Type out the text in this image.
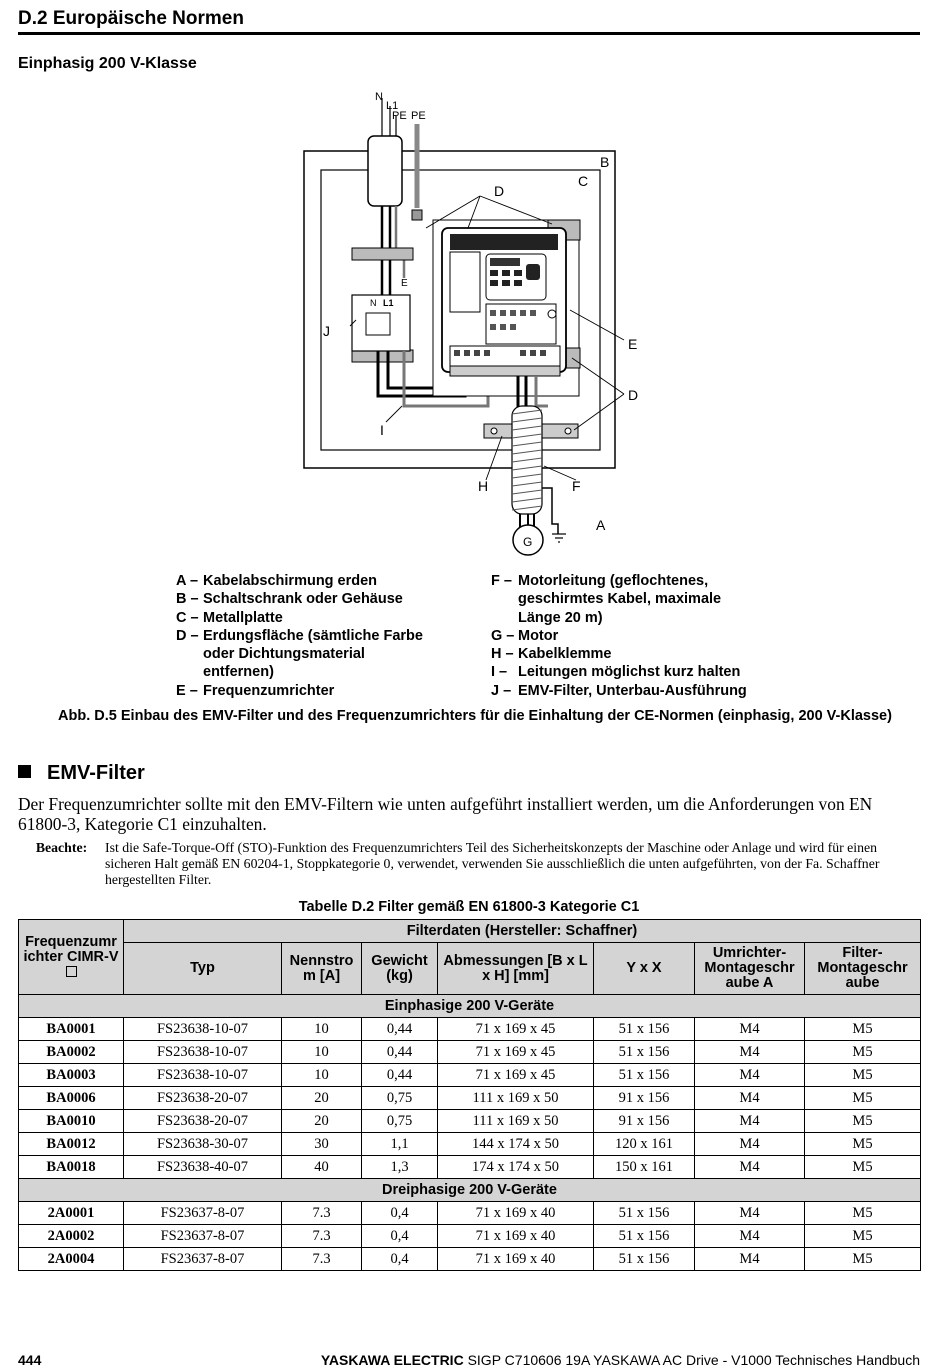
D.2 Europäische Normen
Einphasig 200 V-Klasse
N L1
N
L1
PE PE
B
C
D
E
D
J
I
H	F
A
G
E
A – Kabelabschirmung erden
B – Schaltschrank oder Gehäuse
C – Metallplatte
D – Erdungsfläche (sämtliche Farbe
oder Dichtungsmaterial
entfernen)
E – Frequenzumrichter
F – Motorleitung (geflochtenes,
geschirmtes Kabel, maximale
Länge 20 m)
G – Motor
H – Kabelklemme
I – Leitungen möglichst kurz halten
J – EMV-Filter, Unterbau-Ausführung
Abb. D.5 Einbau des EMV-Filter und des Frequenzumrichters für die Einhaltung der CE-Normen (einphasig, 200 V-Klasse)
EMV-Filter
Der Frequenzumrichter sollte mit den EMV-Filtern wie unten aufgeführt installiert werden, um die Anforderungen von EN 61800-3, Kategorie C1 einzuhalten.
Beachte:	Ist die Safe-Torque-Off (STO)-Funktion des Frequenzumrichters Teil des Sicherheitskonzepts der Maschine oder Anlage und wird für einen sicheren Halt gemäß EN 60204-1, Stoppkategorie 0, verwendet, verwenden Sie ausschließlich die unten aufgeführten, von der Fa. Schaffner hergestellten Filter.
Tabelle D.2 Filter gemäß EN 61800-3 Kategorie C1
Frequenzumr ichter CIMR-V	Filterdaten (Hersteller: Schaffner)						
	Typ	Nennstro m [A]	Gewicht (kg)	Abmessungen [B x L x H] [mm]	Y x X	Umrichter- Montageschr aube A	Filter- Montageschr aube
Einphasige 200 V-Geräte							
BA0001	FS23638-10-07	10	0,44	71 x 169 x 45	51 x 156	M4	M5
BA0002	FS23638-10-07	10	0,44	71 x 169 x 45	51 x 156	M4	M5
BA0003	FS23638-10-07	10	0,44	71 x 169 x 45	51 x 156	M4	M5
BA0006	FS23638-20-07	20	0,75	111 x 169 x 50	91 x 156	M4	M5
BA0010	FS23638-20-07	20	0,75	111 x 169 x 50	91 x 156	M4	M5
BA0012	FS23638-30-07	30	1,1	144 x 174 x 50	120 x 161	M4	M5
BA0018	FS23638-40-07	40	1,3	174 x 174 x 50	150 x 161	M4	M5
Dreiphasige 200 V-Geräte							
2A0001	FS23637-8-07	7.3	0,4	71 x 169 x 40	51 x 156	M4	M5
2A0002	FS23637-8-07	7.3	0,4	71 x 169 x 40	51 x 156	M4	M5
2A0004	FS23637-8-07	7.3	0,4	71 x 169 x 40	51 x 156	M4	M5
444	YASKAWA ELECTRIC SIGP C710606 19A YASKAWA AC Drive - V1000 Technisches Handbuch
